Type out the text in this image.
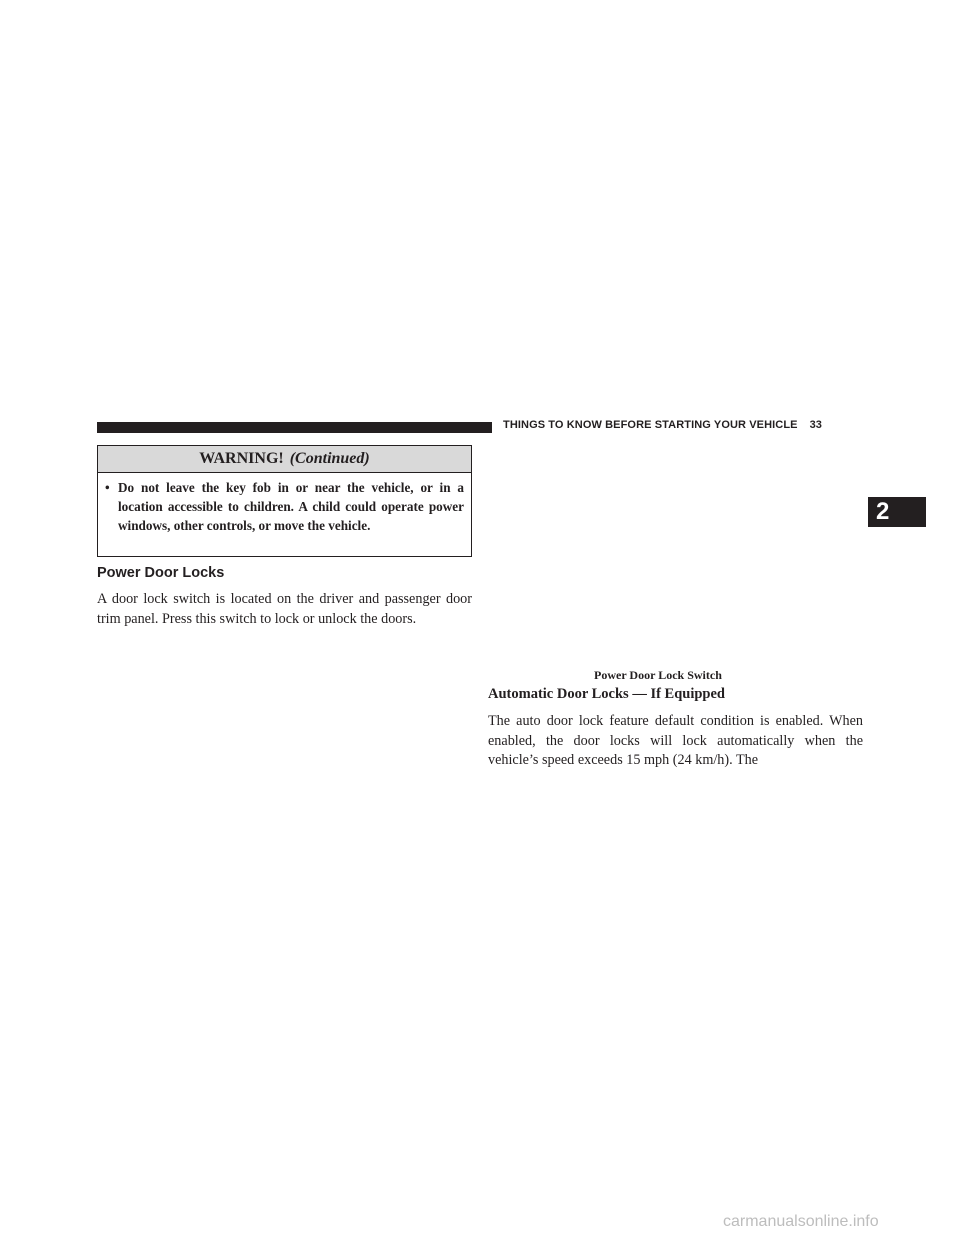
THINGS TO KNOW BEFORE STARTING YOUR VEHICLE 33
2
WARNING! (Continued)
• Do not leave the key fob in or near the vehicle, or in a location accessible to children. A child could operate power windows, other controls, or move the vehicle.
Power Door Locks
A door lock switch is located on the driver and passenger door trim panel. Press this switch to lock or unlock the doors.
Power Door Lock Switch
Automatic Door Locks — If Equipped
The auto door lock feature default condition is enabled. When enabled, the door locks will lock automatically when the vehicle’s speed exceeds 15 mph (24 km/h). The
carmanualsonline.info
